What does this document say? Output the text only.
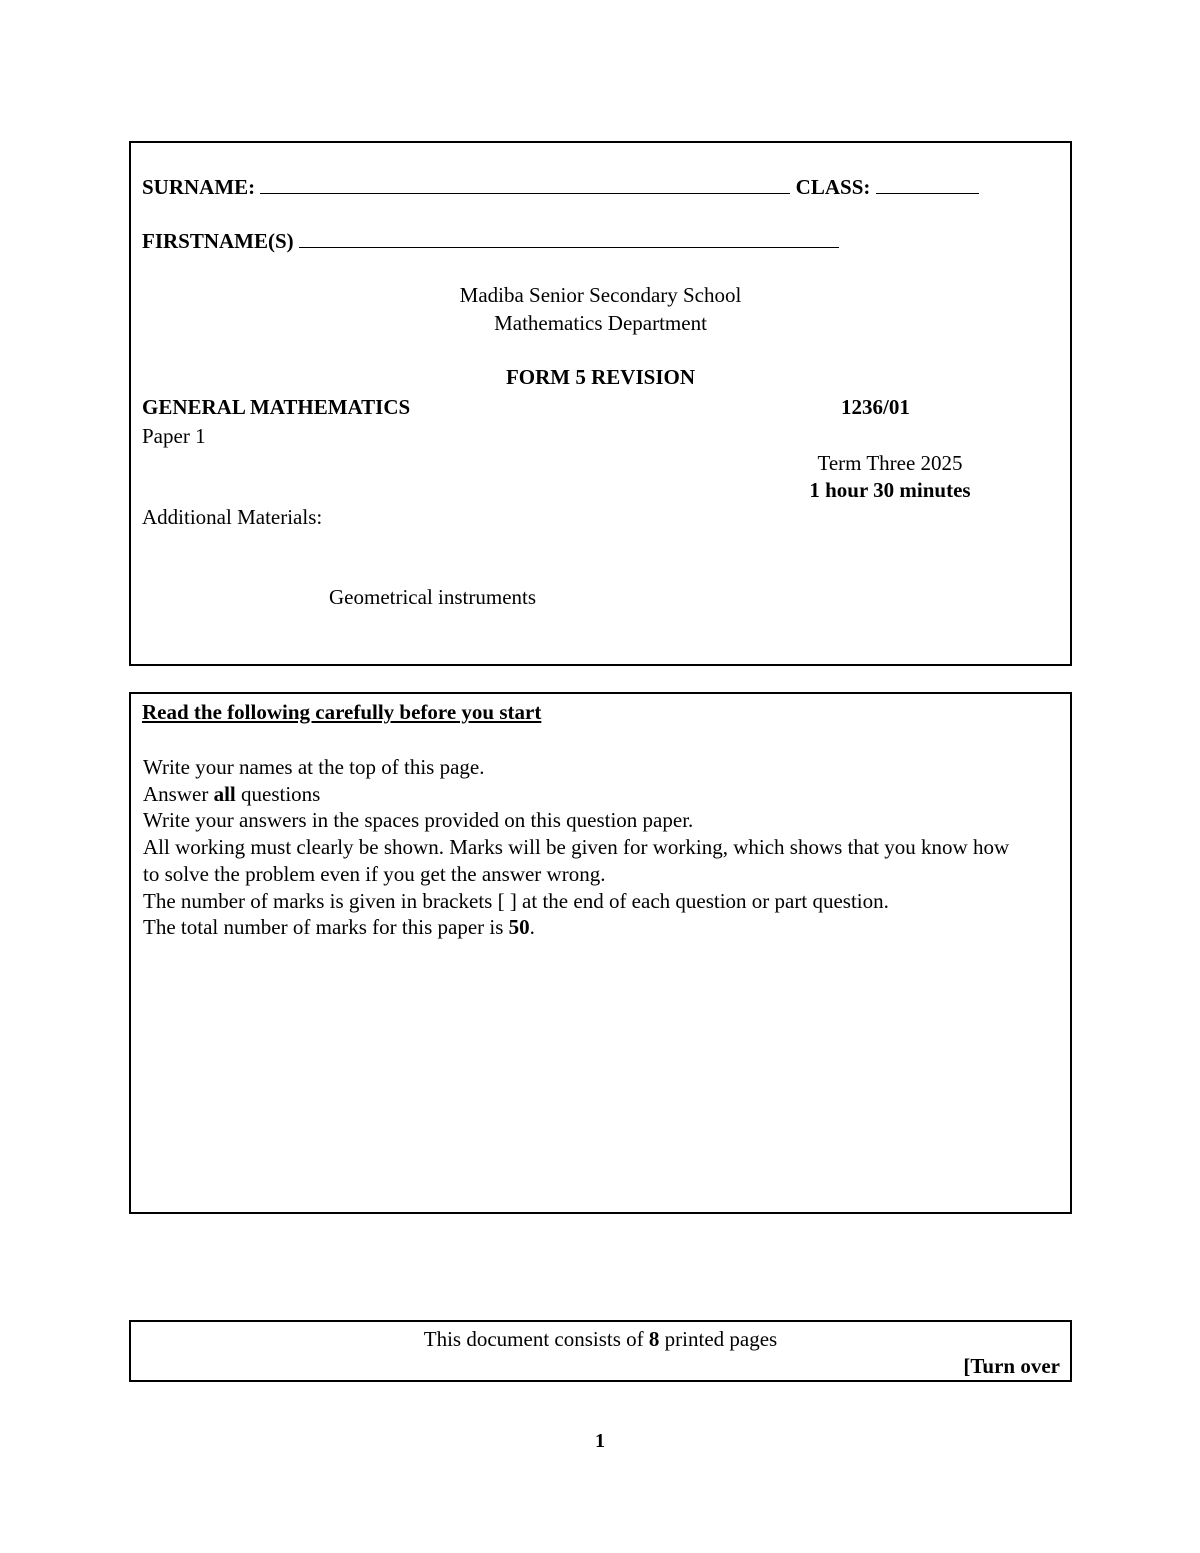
SURNAME:	CLASS:
FIRSTNAME(S)
Madiba Senior Secondary School
Mathematics Department
FORM 5 REVISION
GENERAL MATHEMATICS	1236/01
Paper 1
Term Three 2025
1 hour 30 minutes
Additional Materials:
Geometrical instruments
Read the following carefully before you start
Write your names at the top of this page.
Answer all questions
Write your answers in the spaces provided on this question paper.
All working must clearly be shown. Marks will be given for working, which shows that you know how to solve the problem even if you get the answer wrong.
The number of marks is given in brackets [ ] at the end of each question or part question.
The total number of marks for this paper is 50.
This document consists of 8 printed pages
[Turn over
1
